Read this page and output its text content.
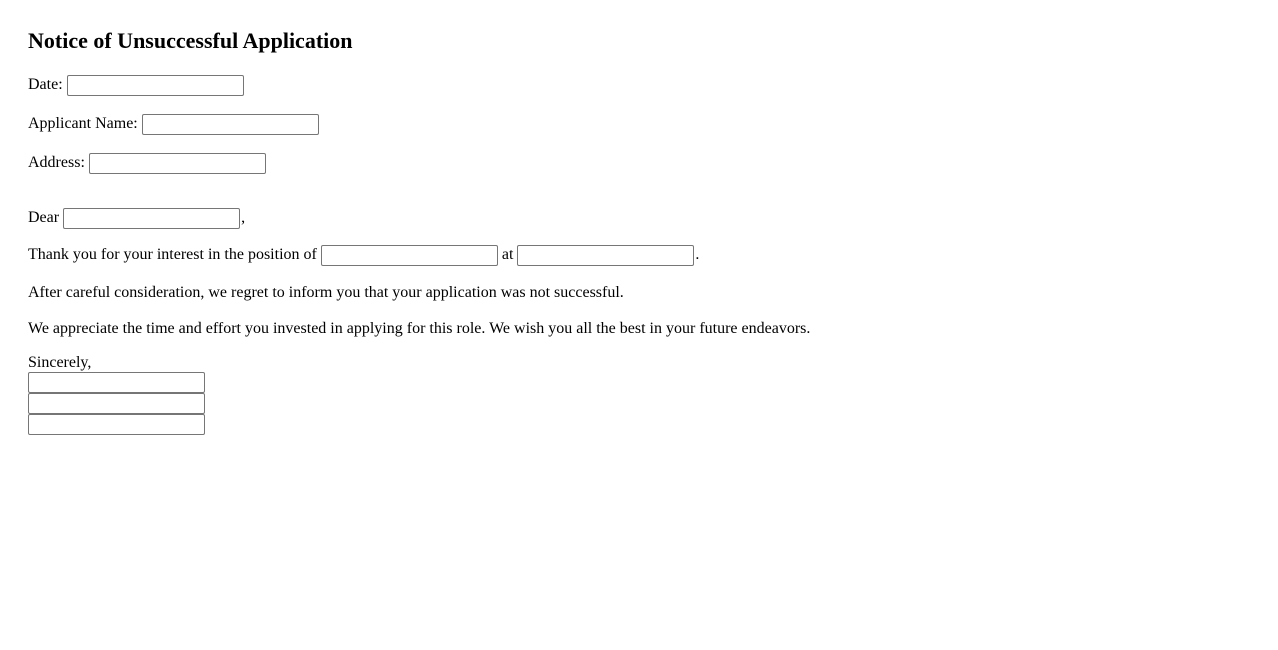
Notice of Unsuccessful Application
Date:
Applicant Name:
Address:
Dear	,
Thank you for your interest in the position of	at	.
After careful consideration, we regret to inform you that your application was not successful.
We appreciate the time and effort you invested in applying for this role. We wish you all the best in your future endeavors.
Sincerely,
